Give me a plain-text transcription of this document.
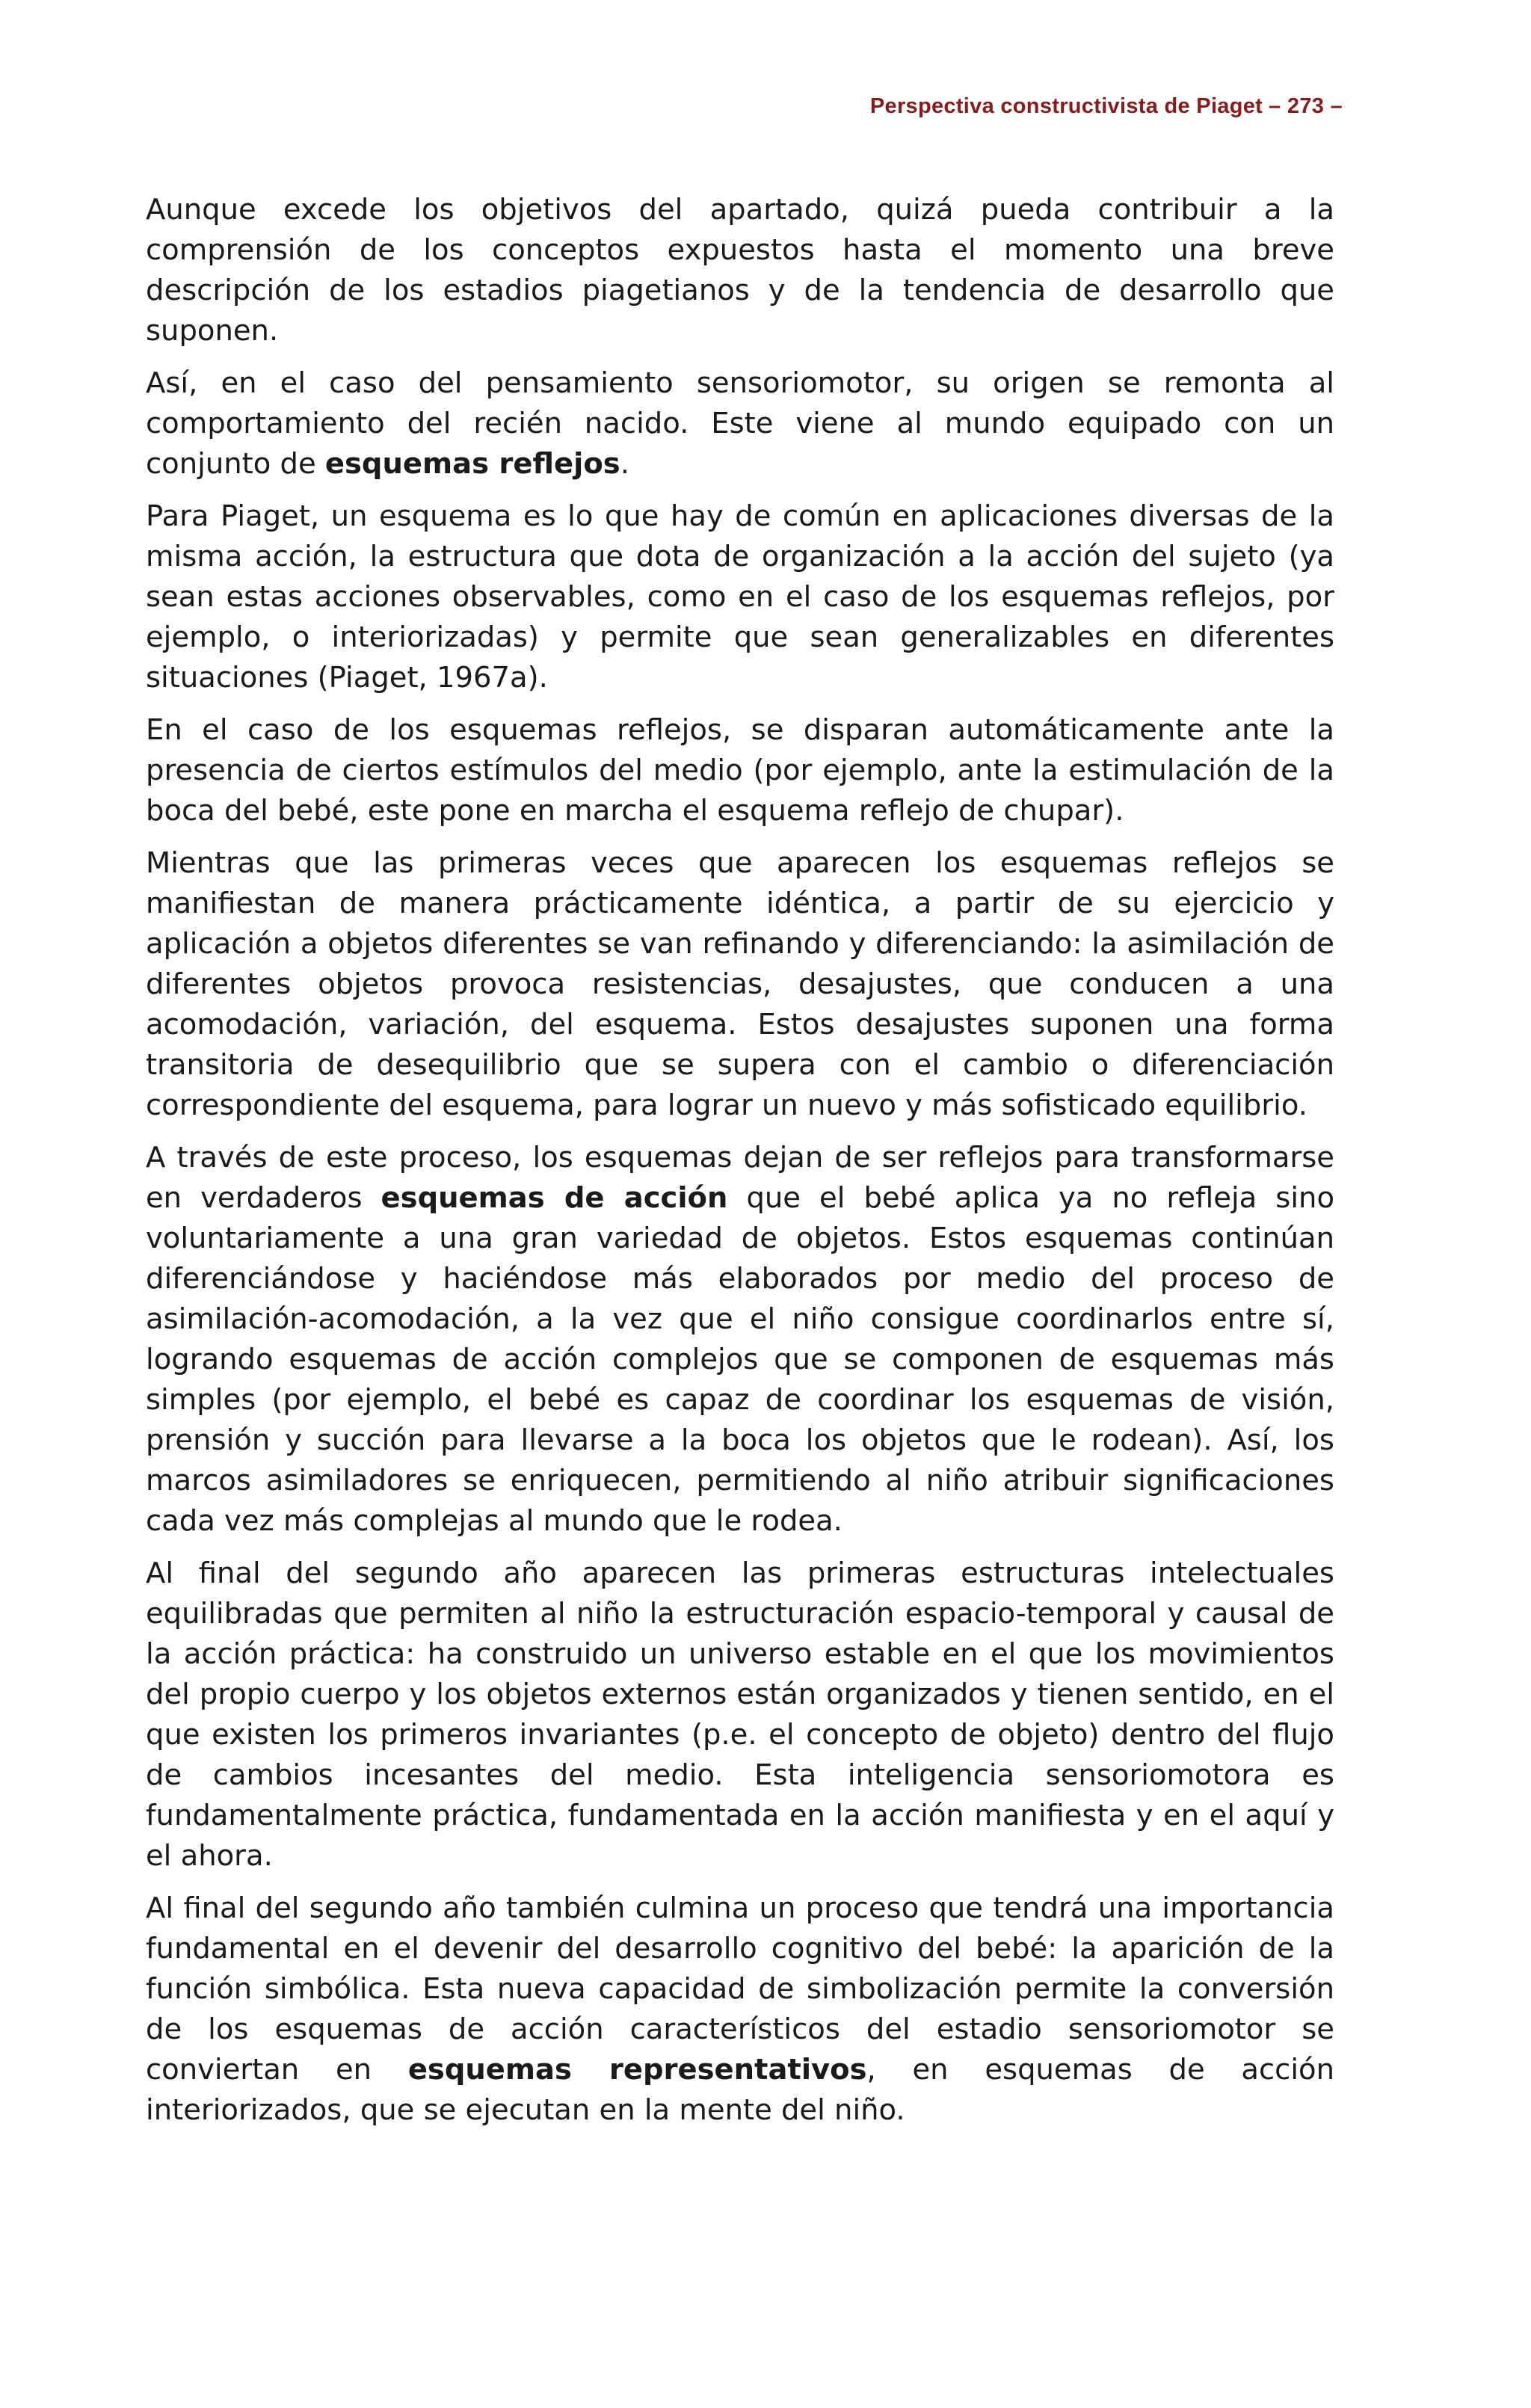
Perspectiva constructivista de Piaget – 273 –

Aunque excede los objetivos del apartado, quizá pueda contribuir a la comprensión de los conceptos expuestos hasta el momento una breve descripción de los estadios piagetianos y de la tendencia de desarrollo que suponen.

Así, en el caso del pensamiento sensoriomotor, su origen se remonta al comportamiento del recién nacido. Este viene al mundo equipado con un conjunto de esquemas reflejos.

Para Piaget, un esquema es lo que hay de común en aplicaciones diversas de la misma acción, la estructura que dota de organización a la acción del sujeto (ya sean estas acciones observables, como en el caso de los esquemas reflejos, por ejemplo, o interiorizadas) y permite que sean generalizables en diferentes situaciones (Piaget, 1967a).

En el caso de los esquemas reflejos, se disparan automáticamente ante la presencia de ciertos estímulos del medio (por ejemplo, ante la estimulación de la boca del bebé, este pone en marcha el esquema reflejo de chupar).

Mientras que las primeras veces que aparecen los esquemas reflejos se manifiestan de manera prácticamente idéntica, a partir de su ejercicio y aplicación a objetos diferentes se van refinando y diferenciando: la asimilación de diferentes objetos provoca resistencias, desajustes, que conducen a una acomodación, variación, del esquema. Estos desajustes suponen una forma transitoria de desequilibrio que se supera con el cambio o diferenciación correspondiente del esquema, para lograr un nuevo y más sofisticado equilibrio.

A través de este proceso, los esquemas dejan de ser reflejos para transformarse en verdaderos esquemas de acción que el bebé aplica ya no refleja sino voluntariamente a una gran variedad de objetos. Estos esquemas continúan diferenciándose y haciéndose más elaborados por medio del proceso de asimilación-acomodación, a la vez que el niño consigue coordinarlos entre sí, logrando esquemas de acción complejos que se componen de esquemas más simples (por ejemplo, el bebé es capaz de coordinar los esquemas de visión, prensión y succión para llevarse a la boca los objetos que le rodean). Así, los marcos asimiladores se enriquecen, permitiendo al niño atribuir significaciones cada vez más complejas al mundo que le rodea.

Al final del segundo año aparecen las primeras estructuras intelectuales equilibradas que permiten al niño la estructuración espacio-temporal y causal de la acción práctica: ha construido un universo estable en el que los movimientos del propio cuerpo y los objetos externos están organizados y tienen sentido, en el que existen los primeros invariantes (p.e. el concepto de objeto) dentro del flujo de cambios incesantes del medio. Esta inteligencia sensoriomotora es fundamentalmente práctica, fundamentada en la acción manifiesta y en el aquí y el ahora.

Al final del segundo año también culmina un proceso que tendrá una importancia fundamental en el devenir del desarrollo cognitivo del bebé: la aparición de la función simbólica. Esta nueva capacidad de simbolización permite la conversión de los esquemas de acción característicos del estadio sensoriomotor se conviertan en esquemas representativos, en esquemas de acción interiorizados, que se ejecutan en la mente del niño.
